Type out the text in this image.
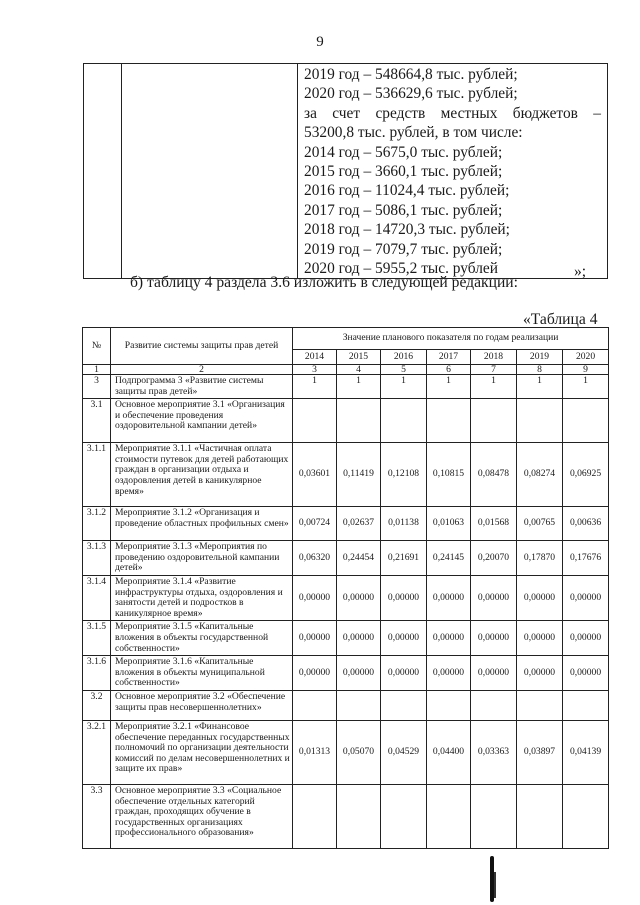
9

2019 год – 548664,8 тыс. рублей;
2020 год – 536629,6 тыс. рублей;
за счет средств местных бюджетов –
53200,8 тыс. рублей, в том числе:
2014 год – 5675,0 тыс. рублей;
2015 год – 3660,1 тыс. рублей;
2016 год – 11024,4 тыс. рублей;
2017 год – 5086,1 тыс. рублей;
2018 год – 14720,3 тыс. рублей;
2019 год – 7079,7 тыс. рублей;
2020 год – 5955,2 тыс. рублей	»;
б) таблицу 4 раздела 3.6 изложить в следующей редакции:
«Таблица 4
№	Развитие системы защиты прав детей	Значение планового показателя по годам реализации						
		2014	2015	2016	2017	2018	2019	2020
1	2	3	4	5	6	7	8	9
3	Подпрограмма 3 «Развитие системы защиты прав детей»	1	1	1	1	1	1	1
3.1	Основное мероприятие 3.1 «Организация и обеспечение проведения оздоровительной кампании детей»							
3.1.1	Мероприятие 3.1.1 «Частичная оплата стоимости путевок для детей работающих граждан в организации отдыха и оздоровления детей в каникулярное время»	0,03601	0,11419	0,12108	0,10815	0,08478	0,08274	0,06925
3.1.2	Мероприятие 3.1.2 «Организация и проведение областных профильных смен»	0,00724	0,02637	0,01138	0,01063	0,01568	0,00765	0,00636
3.1.3	Мероприятие 3.1.3 «Мероприятия по проведению оздоровительной кампании детей»	0,06320	0,24454	0,21691	0,24145	0,20070	0,17870	0,17676
3.1.4	Мероприятие 3.1.4 «Развитие инфраструктуры отдыха, оздоровления и занятости детей и подростков в каникулярное время»	0,00000	0,00000	0,00000	0,00000	0,00000	0,00000	0,00000
3.1.5	Мероприятие 3.1.5 «Капитальные вложения в объекты государственной собственности»	0,00000	0,00000	0,00000	0,00000	0,00000	0,00000	0,00000
3.1.6	Мероприятие 3.1.6 «Капитальные вложения в объекты муниципальной собственности»	0,00000	0,00000	0,00000	0,00000	0,00000	0,00000	0,00000
3.2	Основное мероприятие 3.2 «Обеспечение защиты прав несовершеннолетних»							
3.2.1	Мероприятие 3.2.1 «Финансовое обеспечение переданных государственных полномочий по организации деятельности комиссий по делам несовершеннолетних и защите их прав»	0,01313	0,05070	0,04529	0,04400	0,03363	0,03897	0,04139
3.3	Основное мероприятие 3.3 «Социальное обеспечение отдельных категорий граждан, проходящих обучение в государственных организациях профессионального образования»							
